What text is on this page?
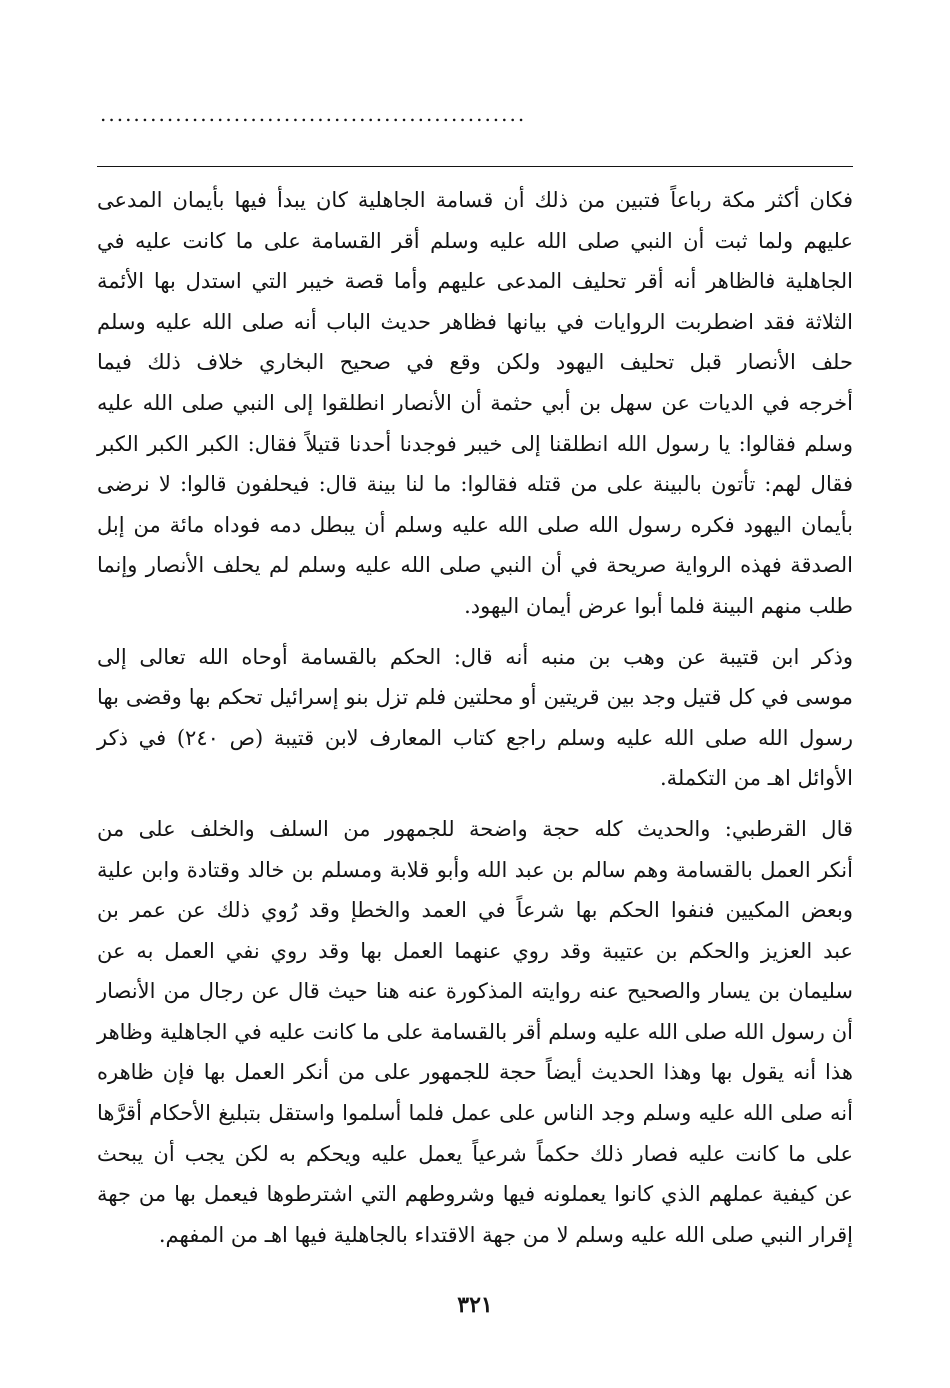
...................................................
فكان أكثر مكة رباعاً فتبين من ذلك أن قسامة الجاهلية كان يبدأ فيها بأيمان المدعى
عليهم ولما ثبت أن النبي صلى الله عليه وسلم أقر القسامة على ما كانت عليه في
الجاهلية فالظاهر أنه أقر تحليف المدعى عليهم وأما قصة خيبر التي استدل بها الأئمة
الثلاثة فقد اضطربت الروايات في بيانها فظاهر حديث الباب أنه صلى الله عليه وسلم
حلف الأنصار قبل تحليف اليهود ولكن وقع في صحيح البخاري خلاف ذلك فيما
أخرجه في الديات عن سهل بن أبي حثمة أن الأنصار انطلقوا إلى النبي صلى الله عليه
وسلم فقالوا: يا رسول الله انطلقنا إلى خيبر فوجدنا أحدنا قتيلاً فقال: الكبر الكبر الكبر
فقال لهم: تأتون بالبينة على من قتله فقالوا: ما لنا بينة قال: فيحلفون قالوا: لا نرضى
بأيمان اليهود فكره رسول الله صلى الله عليه وسلم أن يبطل دمه فوداه مائة من إبل
الصدقة فهذه الرواية صريحة في أن النبي صلى الله عليه وسلم لم يحلف الأنصار وإنما
طلب منهم البينة فلما أبوا عرض أيمان اليهود.
وذكر ابن قتيبة عن وهب بن منبه أنه قال: الحكم بالقسامة أوحاه الله تعالى إلى
موسى في كل قتيل وجد بين قريتين أو محلتين فلم تزل بنو إسرائيل تحكم بها وقضى بها
رسول الله صلى الله عليه وسلم راجع كتاب المعارف لابن قتيبة (ص ٢٤٠) في ذكر
الأوائل اهـ من التكملة.
قال القرطبي: والحديث كله حجة واضحة للجمهور من السلف والخلف على من
أنكر العمل بالقسامة وهم سالم بن عبد الله وأبو قلابة ومسلم بن خالد وقتادة وابن علية
وبعض المكيين فنفوا الحكم بها شرعاً في العمد والخطإ وقد رُوي ذلك عن عمر بن
عبد العزيز والحكم بن عتيبة وقد روي عنهما العمل بها وقد روي نفي العمل به عن
سليمان بن يسار والصحيح عنه روايته المذكورة عنه هنا حيث قال عن رجال من الأنصار
أن رسول الله صلى الله عليه وسلم أقر بالقسامة على ما كانت عليه في الجاهلية وظاهر
هذا أنه يقول بها وهذا الحديث أيضاً حجة للجمهور على من أنكر العمل بها فإن ظاهره
أنه صلى الله عليه وسلم وجد الناس على عمل فلما أسلموا واستقل بتبليغ الأحكام أقرَّها
على ما كانت عليه فصار ذلك حكماً شرعياً يعمل عليه ويحكم به لكن يجب أن يبحث
عن كيفية عملهم الذي كانوا يعملونه فيها وشروطهم التي اشترطوها فيعمل بها من جهة
إقرار النبي صلى الله عليه وسلم لا من جهة الاقتداء بالجاهلية فيها اهـ من المفهم.
٣٢١
